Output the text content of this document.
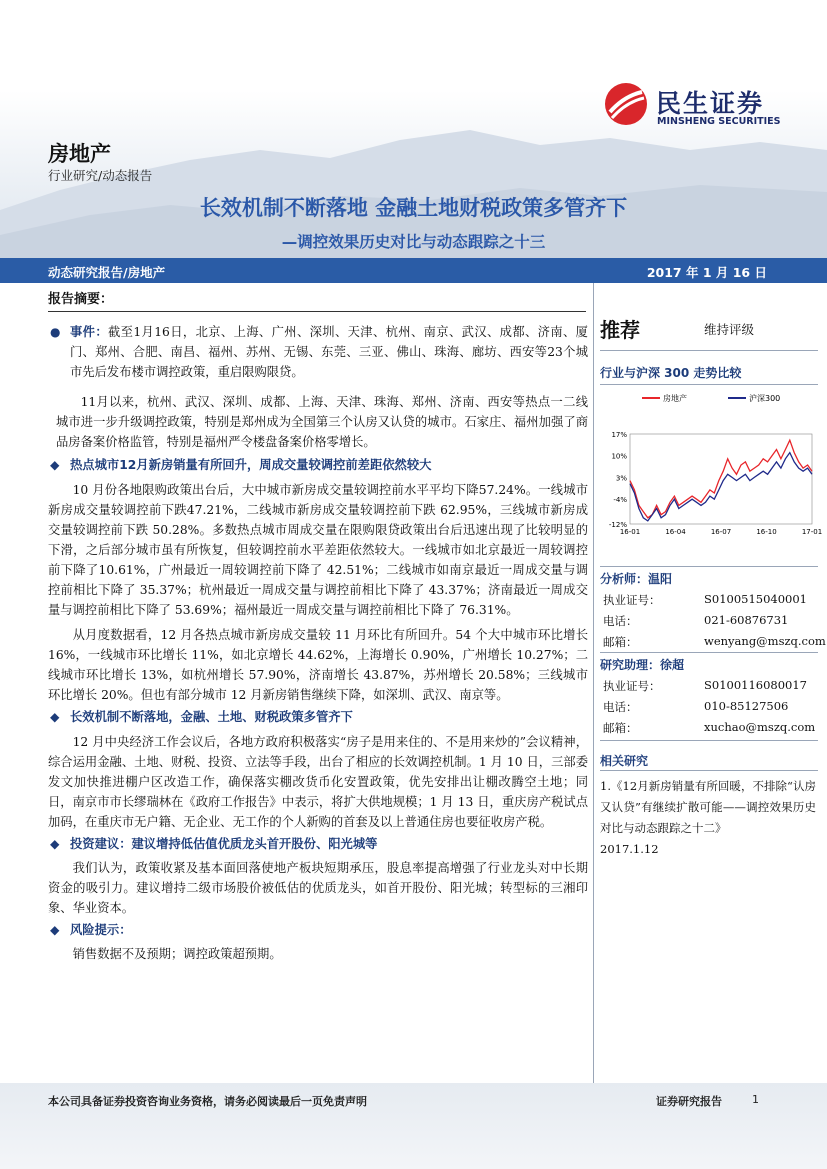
民生证券
MINSHENG SECURITIES
房地产
行业研究/动态报告
长效机制不断落地 金融土地财税政策多管齐下
—调控效果历史对比与动态跟踪之十三
动态研究报告/房地产	2017 年 1 月 16 日
报告摘要：
● 事件：截至1月16日，北京、上海、广州、深圳、天津、杭州、南京、武汉、成都、济南、厦门、郑州、合肥、南昌、福州、苏州、无锡、东莞、三亚、佛山、珠海、廊坊、西安等23个城市先后发布楼市调控政策，重启限购限贷。
11月以来，杭州、武汉、深圳、成都、上海、天津、珠海、郑州、济南、西安等热点一二线城市进一步升级调控政策，特别是郑州成为全国第三个认房又认贷的城市。石家庄、福州加强了商品房备案价格监管，特别是福州严令楼盘备案价格零增长。
◆ 热点城市12月新房销量有所回升，周成交量较调控前差距依然较大
10 月份各地限购政策出台后，大中城市新房成交量较调控前水平平均下降57.24%。一线城市新房成交量较调控前下跌47.21%，二线城市新房成交量较调控前下跌 62.95%，三线城市新房成交量较调控前下跌 50.28%。多数热点城市周成交量在限购限贷政策出台后迅速出现了比较明显的下滑，之后部分城市虽有所恢复，但较调控前水平差距依然较大。一线城市如北京最近一周较调控前下降了10.61%，广州最近一周较调控前下降了 42.51%；二线城市如南京最近一周成交量与调控前相比下降了 35.37%；杭州最近一周成交量与调控前相比下降了 43.37%；济南最近一周成交量与调控前相比下降了 53.69%；福州最近一周成交量与调控前相比下降了 76.31%。
从月度数据看，12 月各热点城市新房成交量较 11 月环比有所回升。54 个大中城市环比增长 16%，一线城市环比增长 11%，如北京增长 44.62%，上海增长 0.90%，广州增长 10.27%；二线城市环比增长 13%，如杭州增长 57.90%，济南增长 43.87%，苏州增长 20.58%；三线城市环比增长 20%。但也有部分城市 12 月新房销售继续下降，如深圳、武汉、南京等。
◆ 长效机制不断落地，金融、土地、财税政策多管齐下
12 月中央经济工作会议后，各地方政府积极落实“房子是用来住的、不是用来炒的”会议精神，综合运用金融、土地、财税、投资、立法等手段，出台了相应的长效调控机制。1 月 10 日，三部委发文加快推进棚户区改造工作，确保落实棚改货币化安置政策，优先安排出让棚改腾空土地；同日，南京市市长缪瑞林在《政府工作报告》中表示，将扩大供地规模；1 月 13 日，重庆房产税试点加码，在重庆市无户籍、无企业、无工作的个人新购的首套及以上普通住房也要征收房产税。
◆ 投资建议：建议增持低估值优质龙头首开股份、阳光城等
我们认为，政策收紧及基本面回落使地产板块短期承压，股息率提高增强了行业龙头对中长期资金的吸引力。建议增持二级市场股价被低估的优质龙头，如首开股份、阳光城；转型标的三湘印象、华业资本。
◆ 风险提示：
销售数据不及预期；调控政策超预期。
推荐	维持评级
行业与沪深 300 走势比较
房地产	沪深300
17%
10%
3%
-4%
-12%
16-01	16-04	16-07	16-10	17-01
分析师：温阳
执业证号：	S0100515040001
电话：	021-60876731
邮箱：	wenyang@mszq.com
研究助理：徐超
执业证号：	S0100116080017
电话：	010-85127506
邮箱：	xuchao@mszq.com
相关研究
1.《12月新房销量有所回暖，不排除“认房又认贷”有继续扩散可能——调控效果历史对比与动态跟踪之十二》
2017.1.12
本公司具备证券投资咨询业务资格，请务必阅读最后一页免责声明	证券研究报告	1
